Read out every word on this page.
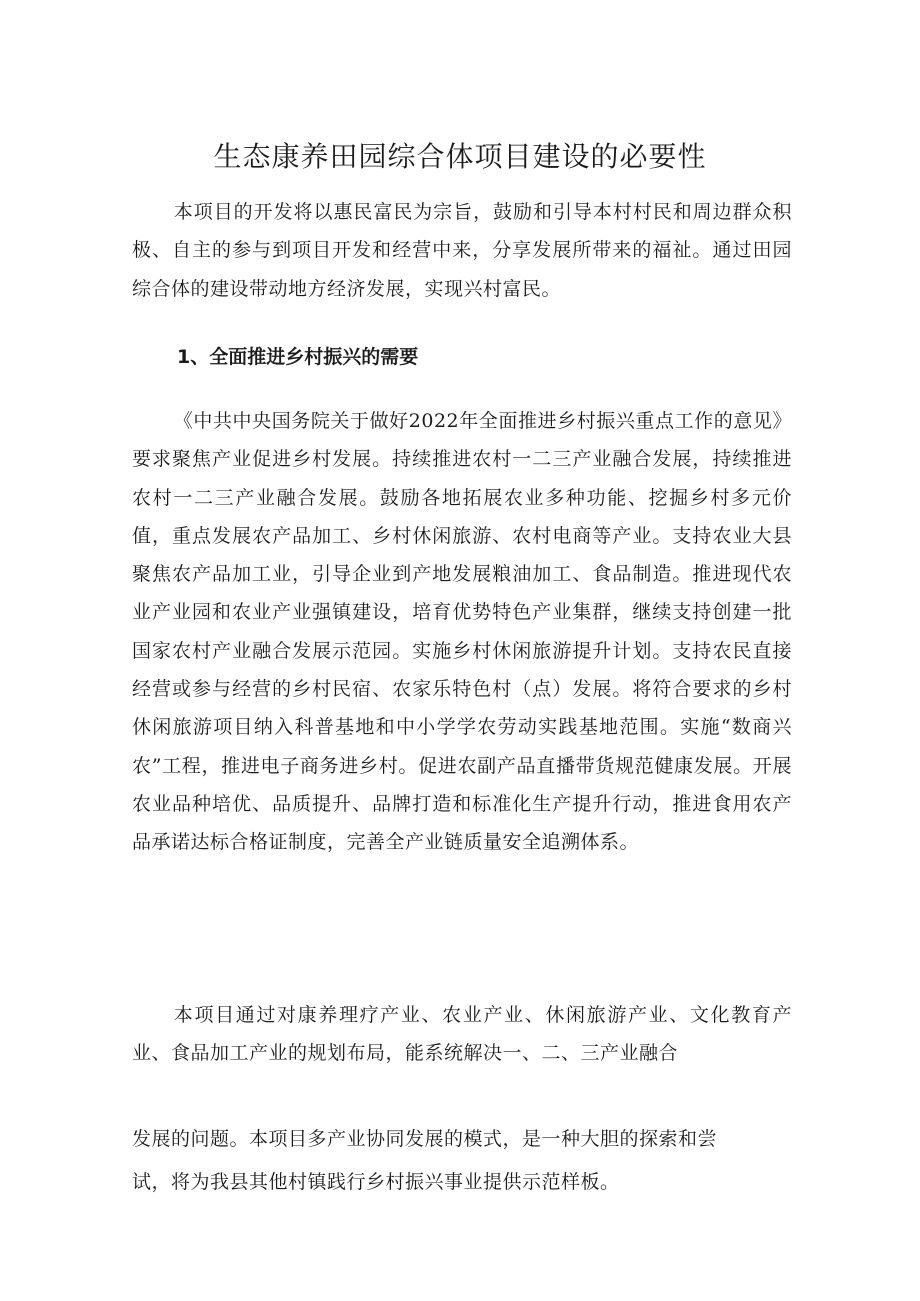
生态康养田园综合体项目建设的必要性

本项目的开发将以惠民富民为宗旨，鼓励和引导本村村民和周边群众积极、自主的参与到项目开发和经营中来，分享发展所带来的福祉。通过田园综合体的建设带动地方经济发展，实现兴村富民。

1、全面推进乡村振兴的需要

《中共中央国务院关于做好2022年全面推进乡村振兴重点工作的意见》要求聚焦产业促进乡村发展。持续推进农村一二三产业融合发展，持续推进农村一二三产业融合发展。鼓励各地拓展农业多种功能、挖掘乡村多元价值，重点发展农产品加工、乡村休闲旅游、农村电商等产业。支持农业大县聚焦农产品加工业，引导企业到产地发展粮油加工、食品制造。推进现代农业产业园和农业产业强镇建设，培育优势特色产业集群，继续支持创建一批国家农村产业融合发展示范园。实施乡村休闲旅游提升计划。支持农民直接经营或参与经营的乡村民宿、农家乐特色村（点）发展。将符合要求的乡村休闲旅游项目纳入科普基地和中小学学农劳动实践基地范围。实施“数商兴农”工程，推进电子商务进乡村。促进农副产品直播带货规范健康发展。开展农业品种培优、品质提升、品牌打造和标准化生产提升行动，推进食用农产品承诺达标合格证制度，完善全产业链质量安全追溯体系。

本项目通过对康养理疗产业、农业产业、休闲旅游产业、文化教育产业、食品加工产业的规划布局，能系统解决一、二、三产业融合

发展的问题。本项目多产业协同发展的模式，是一种大胆的探索和尝

试，将为我县其他村镇践行乡村振兴事业提供示范样板。
